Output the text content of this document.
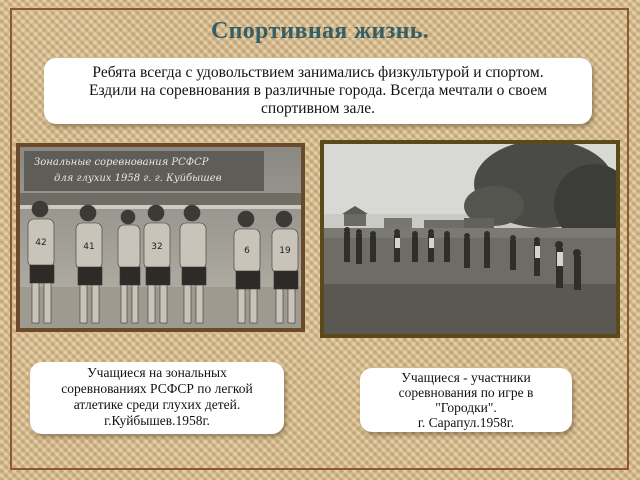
Спортивная жизнь.
Ребята всегда с удовольствием занимались физкультурой и спортом.
Ездили на соревнования в различные города. Всегда мечтали о своем
спортивном зале.
Зональные соревнования РСФСР
для глухих 1958 г. г. Куйбышев
42	41	32	6	19
Учащиеся на зональных
соревнованиях РСФСР по легкой
атлетике среди глухих детей.
г.Куйбышев.1958г.
Учащиеся - участники
соревнования по игре в
"Городки".
г. Сарапул.1958г.
